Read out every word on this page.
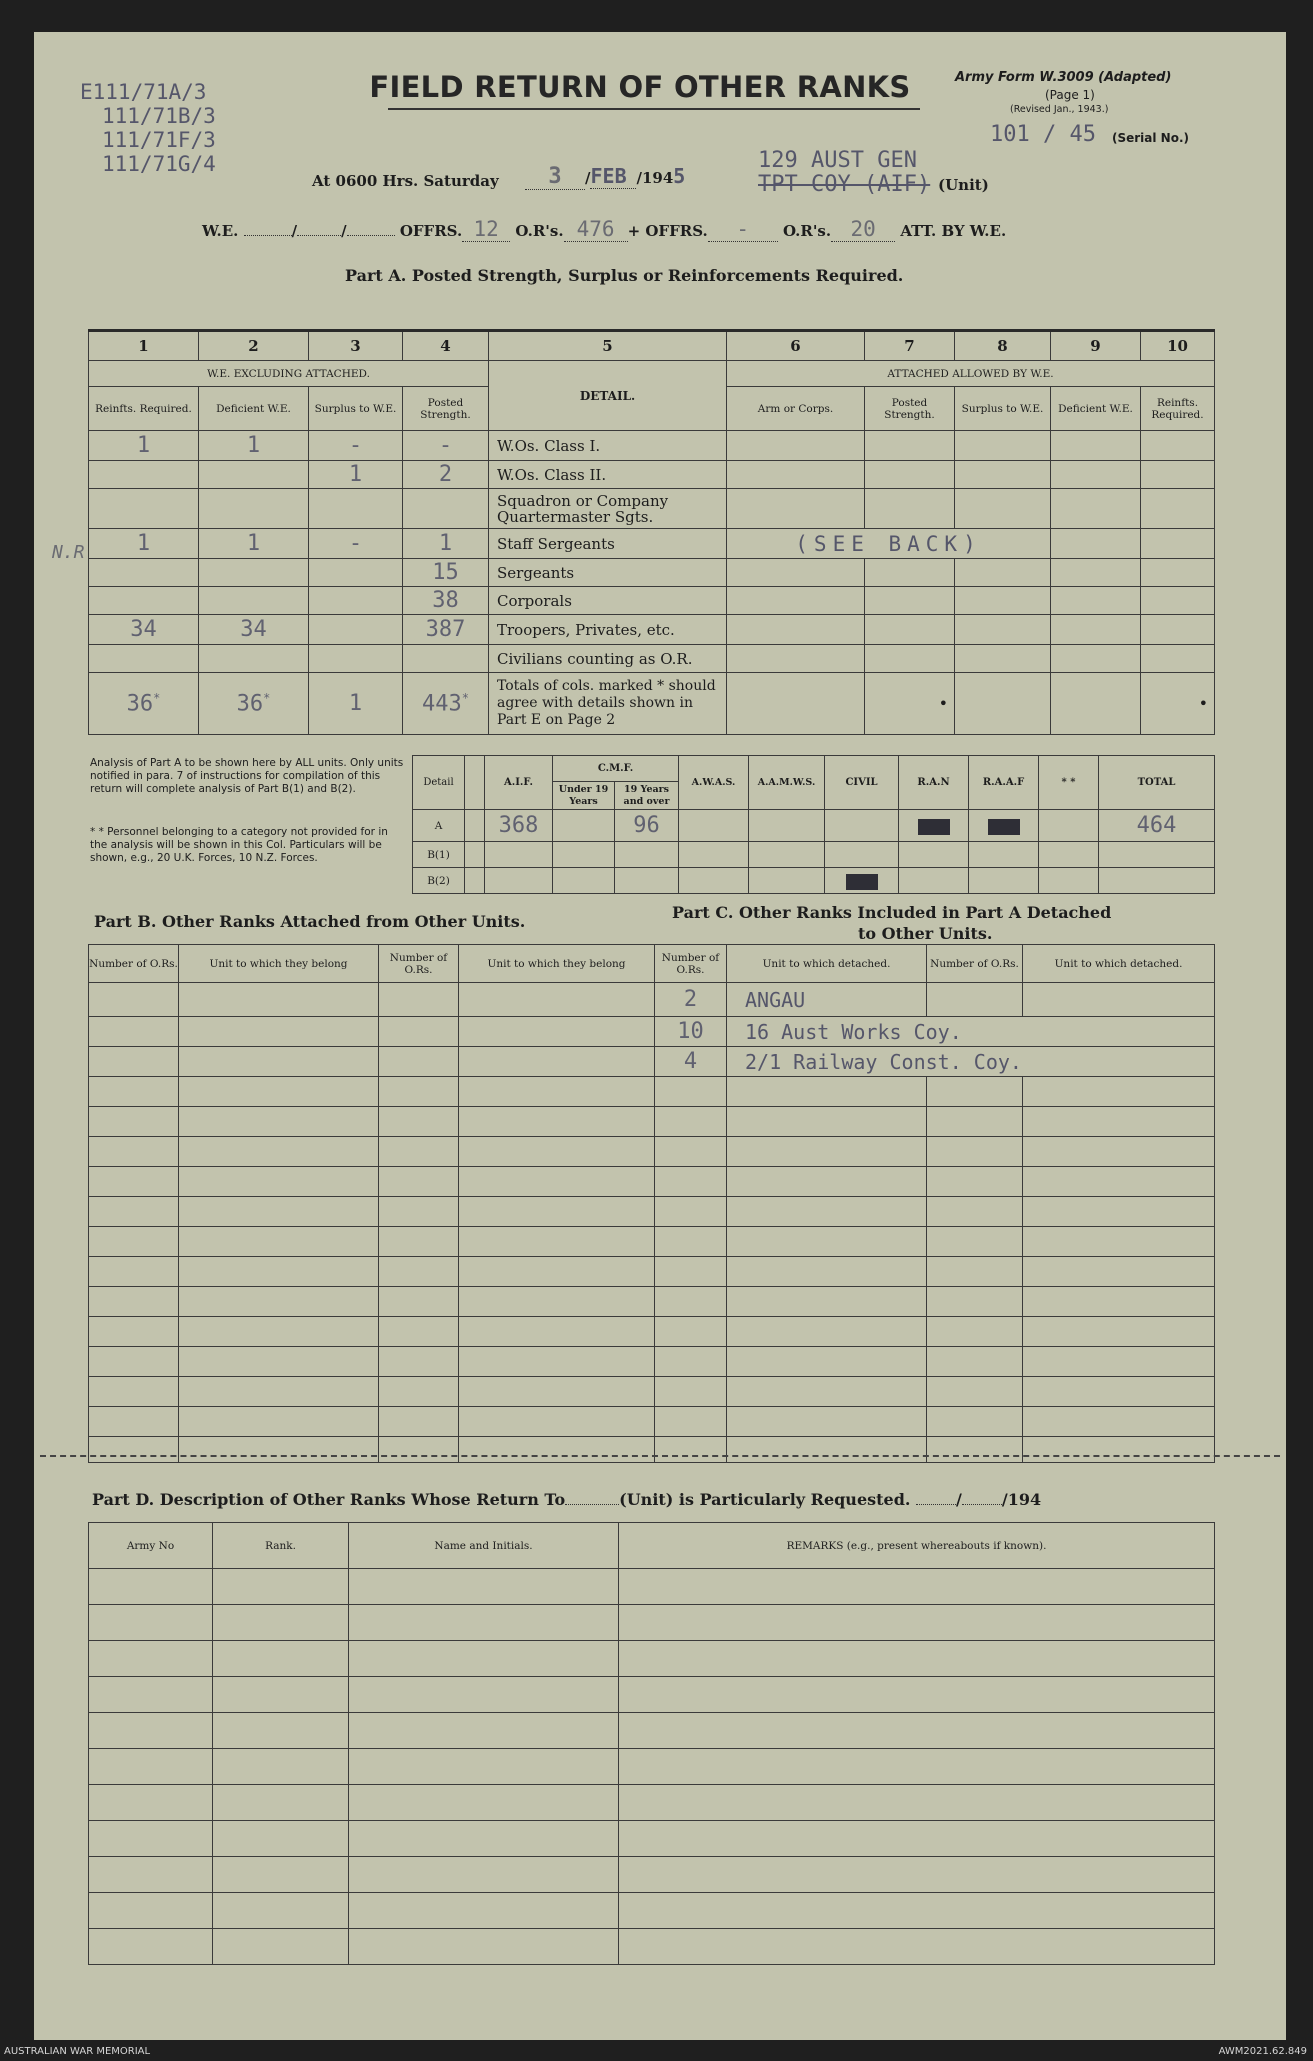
E111/71A/3
111/71B/3
111/71F/3
111/71G/4
FIELD RETURN OF OTHER RANKS	Army Form W.3009 (Adapted)
(Page 1)
(Revised Jan., 1943.)
101 / 45 (Serial No.)
At 0600 Hrs. Saturday	3 /FEB /1945
129 AUST GEN
TPT COY (AIF) (Unit)
W.E.	/	/	OFFRS. 12 O.R's. 476 + OFFRS. - O.R's. 20 ATT. BY W.E.
Part A. Posted Strength, Surplus or Reinforcements Required.
1	2	3	4	5	6	7	8	9	10
W.E. EXCLUDING ATTACHED.				DETAIL.	ATTACHED ALLOWED BY W.E.				
Reinfts. Required.	Deficient W.E.	Surplus to W.E.	Posted Strength.		Arm or Corps.	Posted Strength.	Surplus to W.E.	Deficient W.E.	Reinfts. Required.
1	1	-	-	W.Os. Class I.					
		1	2	W.Os. Class II.					
				Squadron or Company Quartermaster Sgts.					
1	1	-	1	Staff Sergeants	(SEE BACK)				
			15	Sergeants					
			38	Corporals					
34	34		387	Troopers, Privates, etc.					
				Civilians counting as O.R.					
36*	36*	1	443*	Totals of cols. marked * should agree with details shown in Part E on Page 2		•			•
N.R
Analysis of Part A to be shown here by ALL units. Only units notified in para. 7 of instructions for compilation of this return will complete analysis of Part B(1) and B(2).
* * Personnel belonging to a category not provided for in the analysis will be shown in this Col. Particulars will be shown, e.g., 20 U.K. Forces, 10 N.Z. Forces.
Detail		A.I.F.	C.M.F.		A.W.A.S.	A.A.M.W.S.	CIVIL	R.A.N	R.A.A.F	* *	TOTAL
			Under 19 Years	19 Years and over							
A		368		96							464
B(1)											
B(2)											
Part B. Other Ranks Attached from Other Units.	Part C. Other Ranks Included in Part A Detached
to Other Units.
Number of O.Rs.	Unit to which they belong	Number of O.Rs.	Unit to which they belong	Number of O.Rs.	Unit to which detached.	Number of O.Rs.	Unit to which detached.
				2	ANGAU		
				10	16 Aust Works Coy.		
				4	2/1 Railway Const. Coy.		

Part D. Description of Other Ranks Whose Return To	(Unit) is Particularly Requested.	/	/194
Army No	Rank.	Name and Initials.	REMARKS (e.g., present whereabouts if known).

AUSTRALIAN WAR MEMORIAL	AWM2021.62.849
